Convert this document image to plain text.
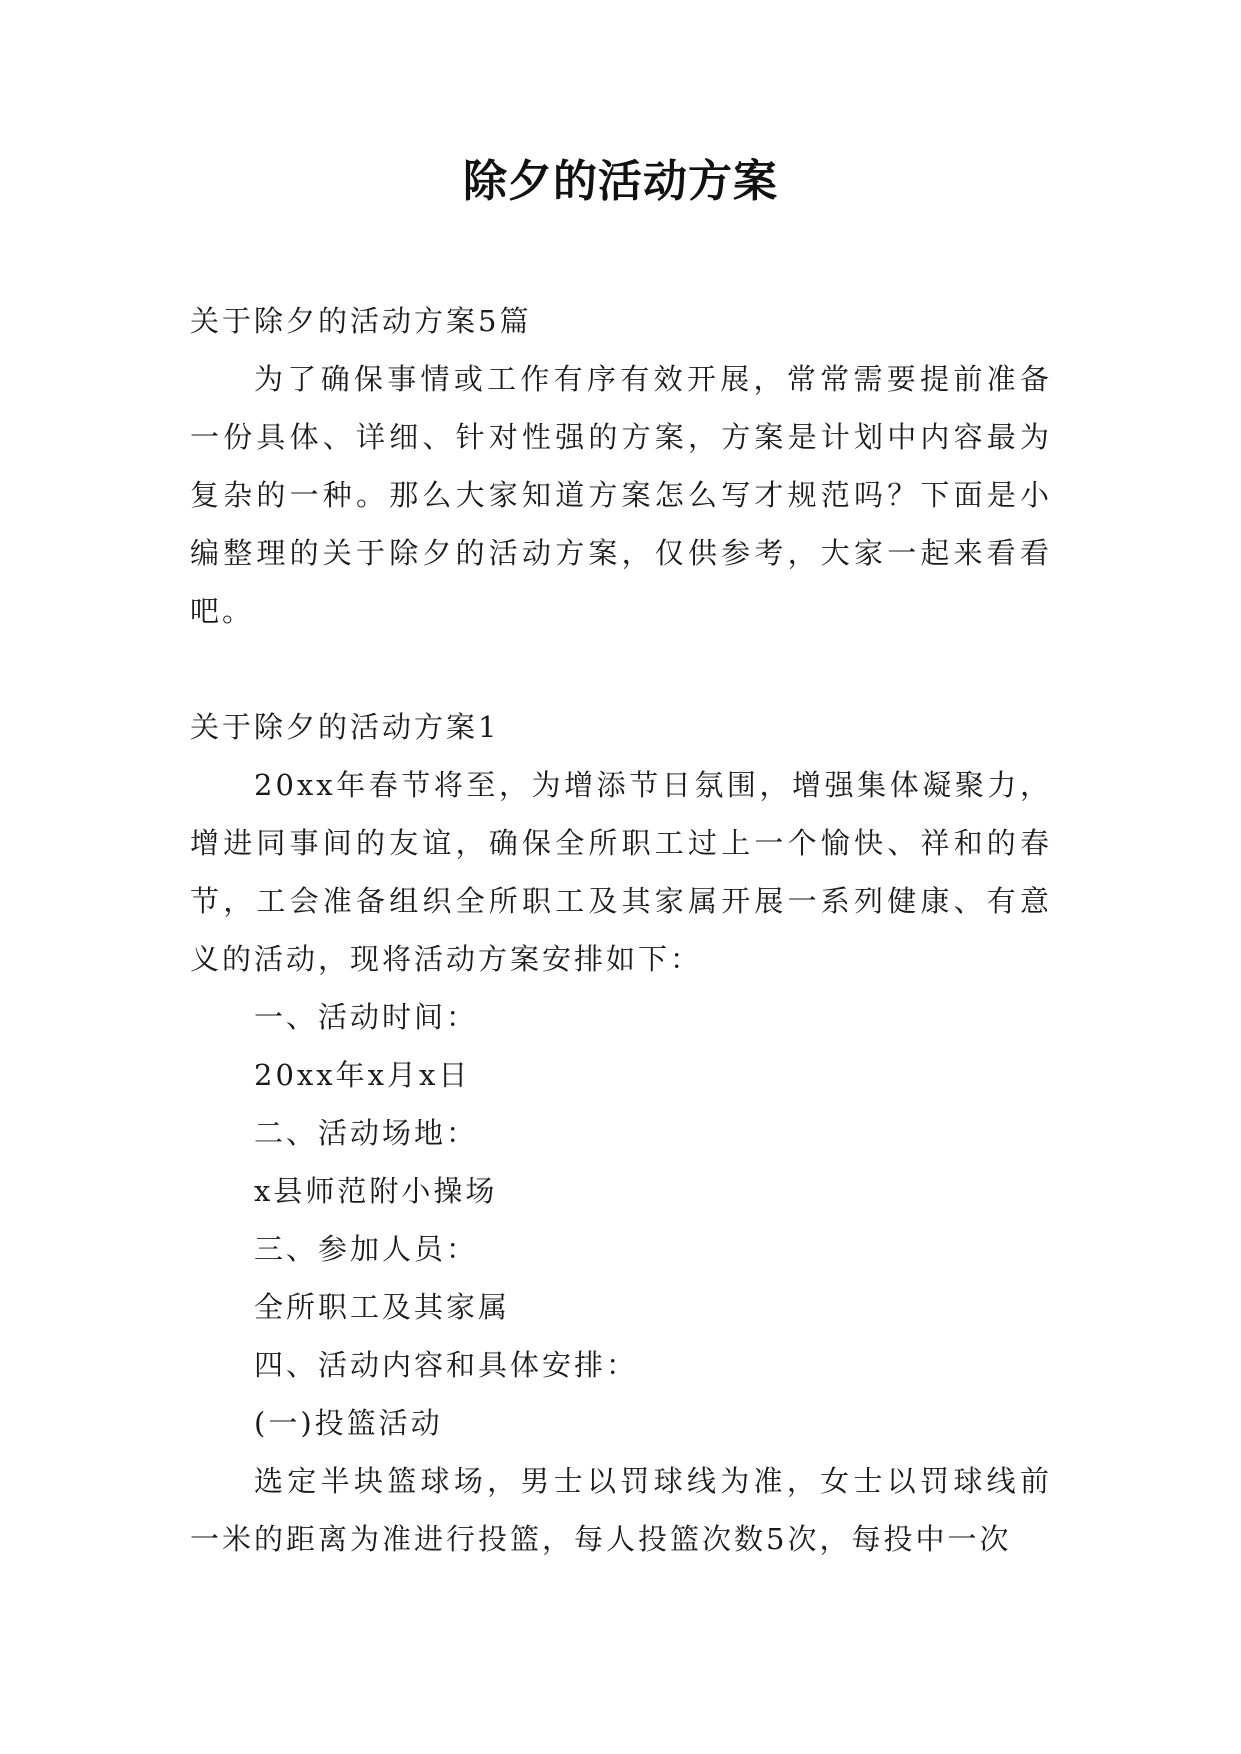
除夕的活动方案

关于除夕的活动方案5篇

为了确保事情或工作有序有效开展，常常需要提前准备一份具体、详细、针对性强的方案，方案是计划中内容最为复杂的一种。那么大家知道方案怎么写才规范吗？下面是小编整理的关于除夕的活动方案，仅供参考，大家一起来看看吧。

关于除夕的活动方案1

20xx年春节将至，为增添节日氛围，增强集体凝聚力，增进同事间的友谊，确保全所职工过上一个愉快、祥和的春节，工会准备组织全所职工及其家属开展一系列健康、有意义的活动，现将活动方案安排如下：

一、活动时间：

20xx年x月x日

二、活动场地：

x县师范附小操场

三、参加人员：

全所职工及其家属

四、活动内容和具体安排：

(一)投篮活动

选定半块篮球场，男士以罚球线为准，女士以罚球线前一米的距离为准进行投篮，每人投篮次数5次，每投中一次
